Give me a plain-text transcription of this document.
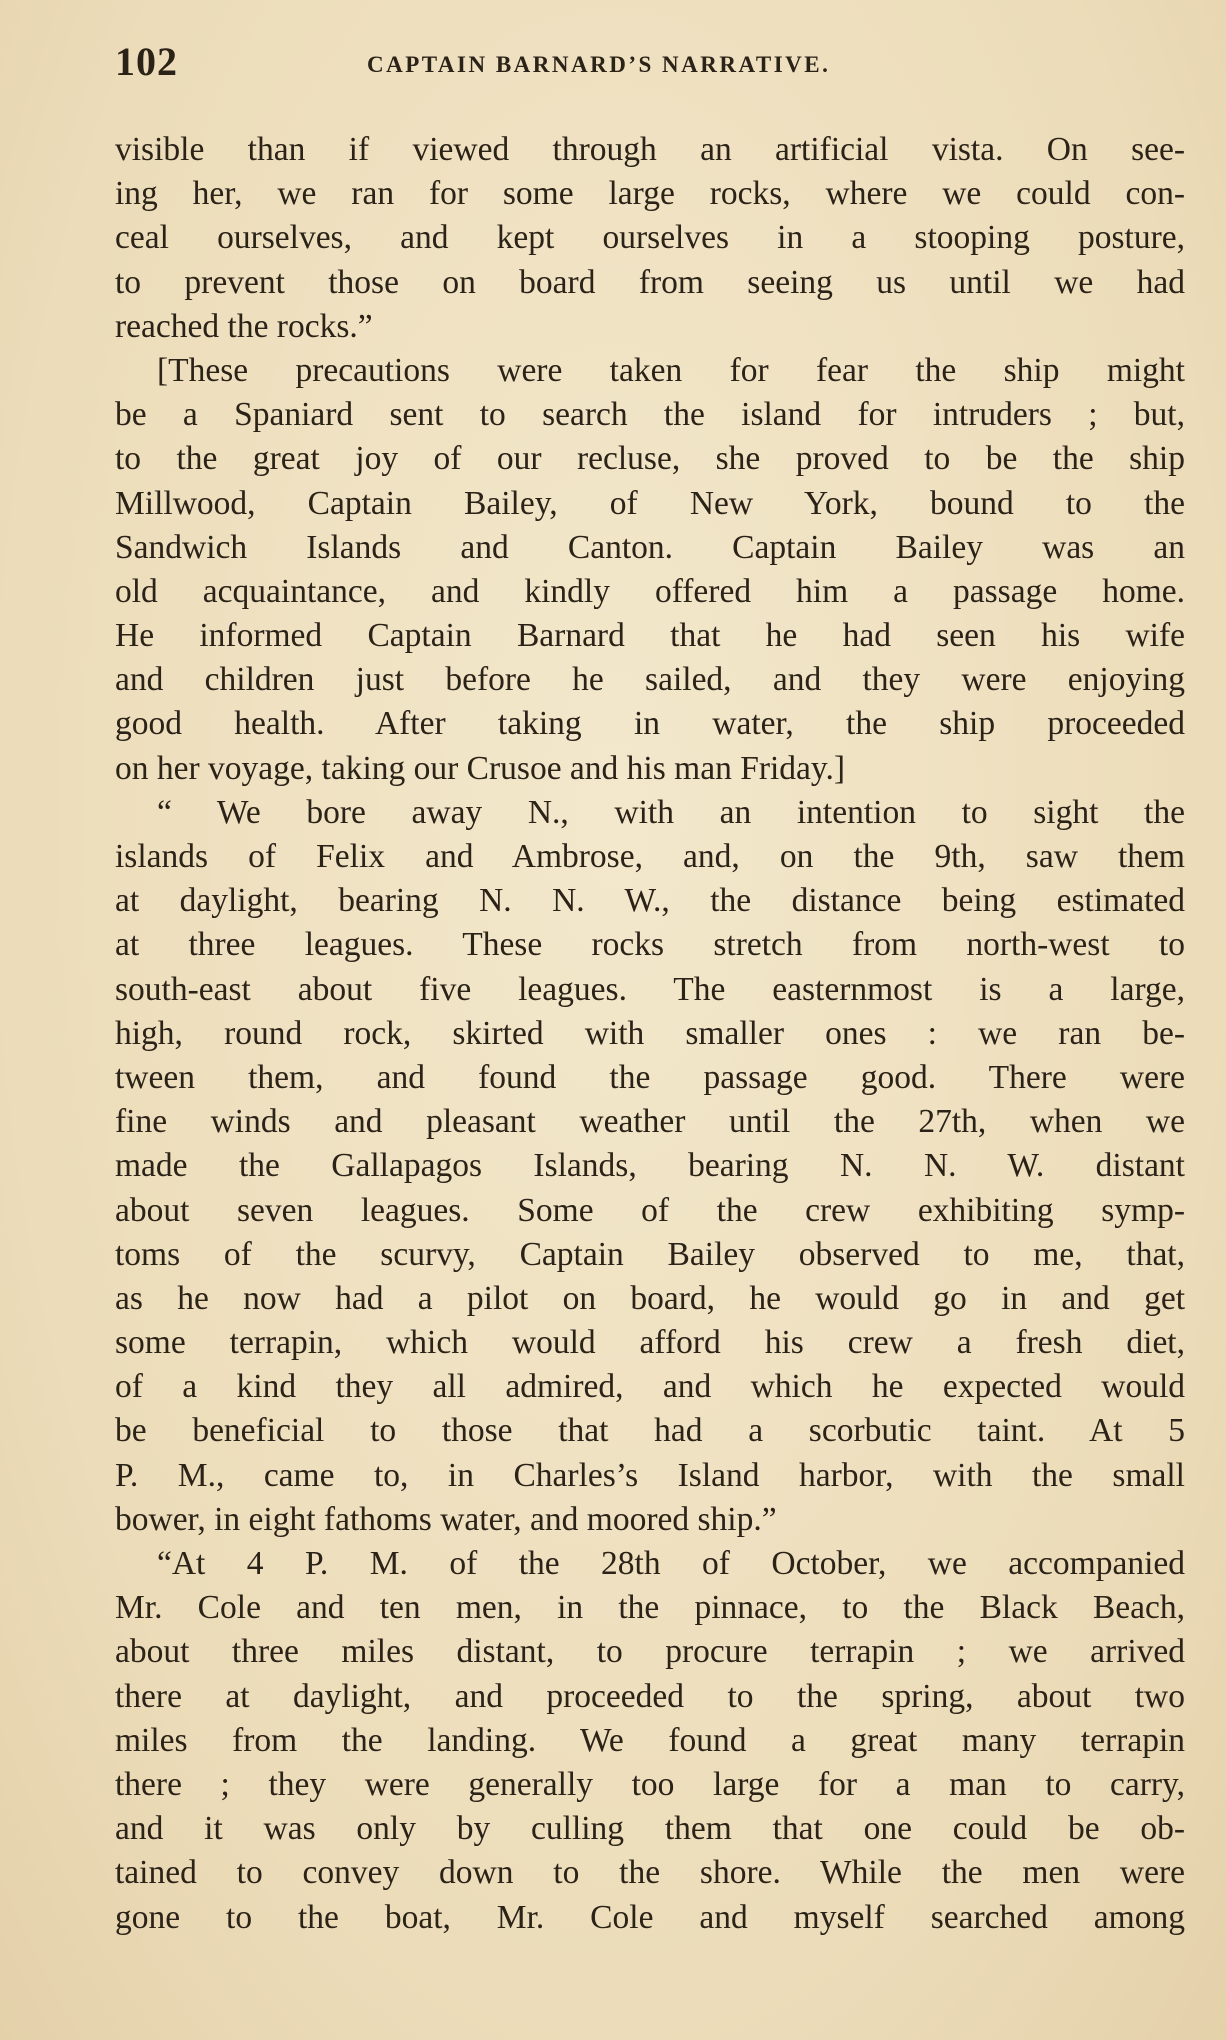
102	CAPTAIN BARNARD’S NARRATIVE.
visible than if viewed through an artificial vista. On see-
ing her, we ran for some large rocks, where we could con-
ceal ourselves, and kept ourselves in a stooping posture,
to prevent those on board from seeing us until we had
reached the rocks.”
[These precautions were taken for fear the ship might
be a Spaniard sent to search the island for intruders ; but,
to the great joy of our recluse, she proved to be the ship
Millwood, Captain Bailey, of New York, bound to the
Sandwich Islands and Canton. Captain Bailey was an
old acquaintance, and kindly offered him a passage home.
He informed Captain Barnard that he had seen his wife
and children just before he sailed, and they were enjoying
good health. After taking in water, the ship proceeded
on her voyage, taking our Crusoe and his man Friday.]
“ We bore away N., with an intention to sight the
islands of Felix and Ambrose, and, on the 9th, saw them
at daylight, bearing N. N. W., the distance being estimated
at three leagues. These rocks stretch from north-west to
south-east about five leagues. The easternmost is a large,
high, round rock, skirted with smaller ones : we ran be-
tween them, and found the passage good. There were
fine winds and pleasant weather until the 27th, when we
made the Gallapagos Islands, bearing N. N. W. distant
about seven leagues. Some of the crew exhibiting symp-
toms of the scurvy, Captain Bailey observed to me, that,
as he now had a pilot on board, he would go in and get
some terrapin, which would afford his crew a fresh diet,
of a kind they all admired, and which he expected would
be beneficial to those that had a scorbutic taint. At 5
P. M., came to, in Charles’s Island harbor, with the small
bower, in eight fathoms water, and moored ship.”
“At 4 P. M. of the 28th of October, we accompanied
Mr. Cole and ten men, in the pinnace, to the Black Beach,
about three miles distant, to procure terrapin ; we arrived
there at daylight, and proceeded to the spring, about two
miles from the landing. We found a great many terrapin
there ; they were generally too large for a man to carry,
and it was only by culling them that one could be ob-
tained to convey down to the shore. While the men were
gone to the boat, Mr. Cole and myself searched among
